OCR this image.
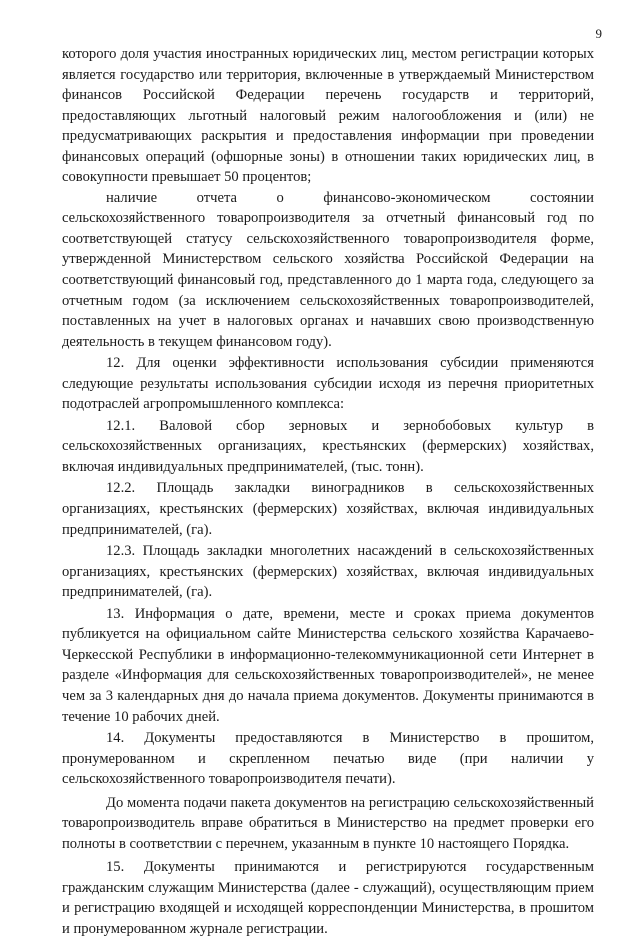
9

которого доля участия иностранных юридических лиц, местом регистрации которых является государство или территория, включенные в утверждаемый Министерством финансов Российской Федерации перечень государств и территорий, предоставляющих льготный налоговый режим налогообложения и (или) не предусматривающих раскрытия и предоставления информации при проведении финансовых операций (офшорные зоны) в отношении таких юридических лиц, в совокупности превышает 50 процентов;

наличие отчета о финансово-экономическом состоянии сельскохозяйственного товаропроизводителя за отчетный финансовый год по соответствующей статусу сельскохозяйственного товаропроизводителя форме, утвержденной Министерством сельского хозяйства Российской Федерации на соответствующий финансовый год, представленного до 1 марта года, следующего за отчетным годом (за исключением сельскохозяйственных товаропроизводителей, поставленных на учет в налоговых органах и начавших свою производственную деятельность в текущем финансовом году).

12. Для оценки эффективности использования субсидии применяются следующие результаты использования субсидии исходя из перечня приоритетных подотраслей агропромышленного комплекса:

12.1. Валовой сбор зерновых и зернобобовых культур в сельскохозяйственных организациях, крестьянских (фермерских) хозяйствах, включая индивидуальных предпринимателей, (тыс. тонн).

12.2. Площадь закладки виноградников в сельскохозяйственных организациях, крестьянских (фермерских) хозяйствах, включая индивидуальных предпринимателей, (га).

12.3. Площадь закладки многолетних насаждений в сельскохозяйственных организациях, крестьянских (фермерских) хозяйствах, включая индивидуальных предпринимателей, (га).

13. Информация о дате, времени, месте и сроках приема документов публикуется на официальном сайте Министерства сельского хозяйства Карачаево-Черкесской Республики в информационно-телекоммуникационной сети Интернет в разделе «Информация для сельскохозяйственных товаропроизводителей», не менее чем за 3 календарных дня до начала приема документов. Документы принимаются в течение 10 рабочих дней.

14. Документы предоставляются в Министерство в прошитом, пронумерованном и скрепленном печатью виде (при наличии у сельскохозяйственного товаропроизводителя печати).

До момента подачи пакета документов на регистрацию сельскохозяйственный товаропроизводитель вправе обратиться в Министерство на предмет проверки его полноты в соответствии с перечнем, указанным в пункте 10 настоящего Порядка.

15. Документы принимаются и регистрируются государственным гражданским служащим Министерства (далее - служащий), осуществляющим прием и регистрацию входящей и исходящей корреспонденции Министерства, в прошитом и пронумерованном журнале регистрации.
